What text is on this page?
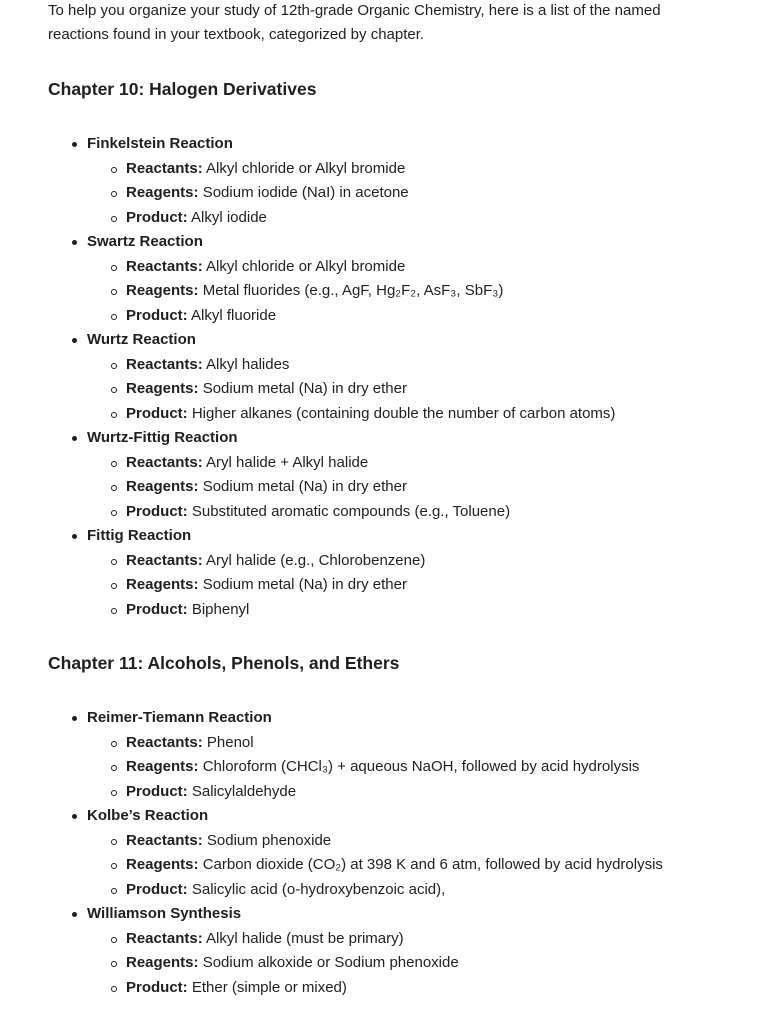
To help you organize your study of 12th-grade Organic Chemistry, here is a list of the named reactions found in your textbook, categorized by chapter.

Chapter 10: Halogen Derivatives
Finkelstein Reaction
Reactants: Alkyl chloride or Alkyl bromide
Reagents: Sodium iodide (NaI) in acetone
Product: Alkyl iodide
Swartz Reaction
Reactants: Alkyl chloride or Alkyl bromide
Reagents: Metal fluorides (e.g., AgF, Hg₂F₂, AsF₃, SbF₃)
Product: Alkyl fluoride
Wurtz Reaction
Reactants: Alkyl halides
Reagents: Sodium metal (Na) in dry ether
Product: Higher alkanes (containing double the number of carbon atoms)
Wurtz-Fittig Reaction
Reactants: Aryl halide + Alkyl halide
Reagents: Sodium metal (Na) in dry ether
Product: Substituted aromatic compounds (e.g., Toluene)
Fittig Reaction
Reactants: Aryl halide (e.g., Chlorobenzene)
Reagents: Sodium metal (Na) in dry ether
Product: Biphenyl
Chapter 11: Alcohols, Phenols, and Ethers
Reimer-Tiemann Reaction
Reactants: Phenol
Reagents: Chloroform (CHCl₃) + aqueous NaOH, followed by acid hydrolysis
Product: Salicylaldehyde
Kolbe’s Reaction
Reactants: Sodium phenoxide
Reagents: Carbon dioxide (CO₂) at 398 K and 6 atm, followed by acid hydrolysis
Product: Salicylic acid (o-hydroxybenzoic acid),
Williamson Synthesis
Reactants: Alkyl halide (must be primary)
Reagents: Sodium alkoxide or Sodium phenoxide
Product: Ether (simple or mixed)
